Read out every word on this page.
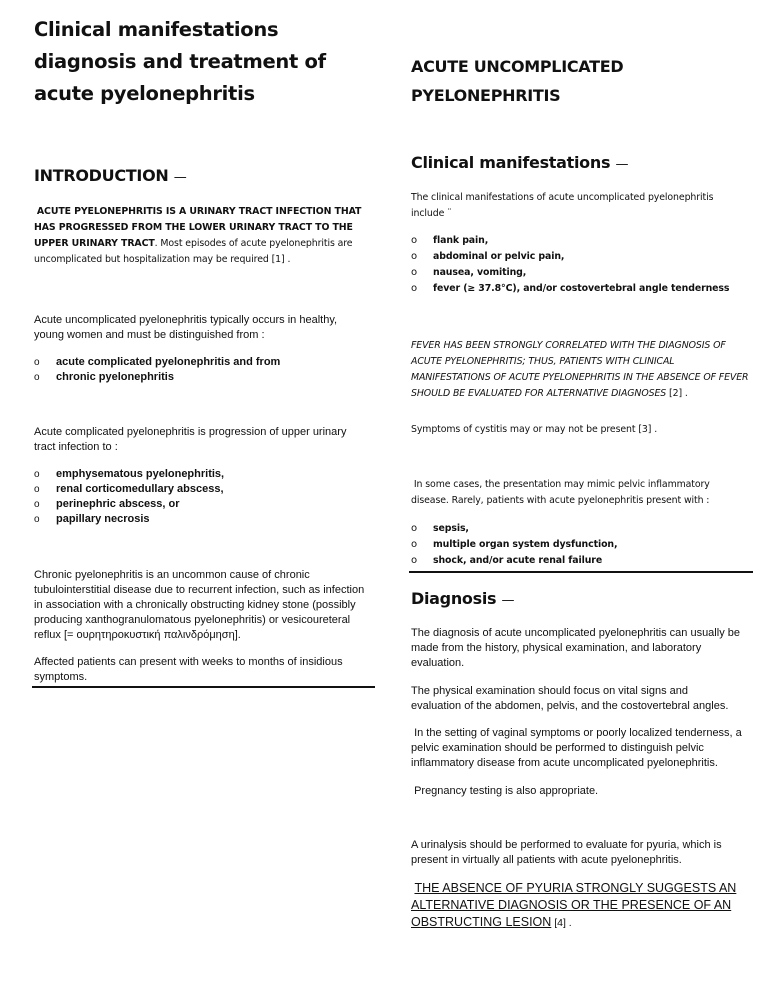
Clinical manifestations diagnosis and treatment of acute pyelonephritis
INTRODUCTION —
ACUTE PYELONEPHRITIS IS A URINARY TRACT INFECTION THAT HAS PROGRESSED FROM THE LOWER URINARY TRACT TO THE UPPER URINARY TRACT. Most episodes of acute pyelonephritis are uncomplicated but hospitalization may be required [1] .
Acute uncomplicated pyelonephritis typically occurs in healthy, young women and must be distinguished from :
o acute complicated pyelonephritis and from
o chronic pyelonephritis
Acute complicated pyelonephritis is progression of upper urinary tract infection to :
o emphysematous pyelonephritis,
o renal corticomedullary abscess,
o perinephric abscess, or
o papillary necrosis
Chronic pyelonephritis is an uncommon cause of chronic tubulointerstitial disease due to recurrent infection, such as infection in association with a chronically obstructing kidney stone (possibly producing xanthogranulomatous pyelonephritis) or vesicoureteral reflux [= ουρητηροκυστική παλινδρόμηση].
Affected patients can present with weeks to months of insidious symptoms.
ACUTE UNCOMPLICATED PYELONEPHRITIS
Clinical manifestations —
The clinical manifestations of acute uncomplicated pyelonephritis include ¨
o flank pain,
o abdominal or pelvic pain,
o nausea, vomiting,
o fever (≥ 37.8°C), and/or costovertebral angle tenderness
FEVER HAS BEEN STRONGLY CORRELATED WITH THE DIAGNOSIS OF ACUTE PYELONEPHRITIS; THUS, PATIENTS WITH CLINICAL MANIFESTATIONS OF ACUTE PYELONEPHRITIS IN THE ABSENCE OF FEVER SHOULD BE EVALUATED FOR ALTERNATIVE DIAGNOSES [2] .
Symptoms of cystitis may or may not be present [3] .
In some cases, the presentation may mimic pelvic inflammatory disease. Rarely, patients with acute pyelonephritis present with :
o sepsis,
o multiple organ system dysfunction,
o shock, and/or acute renal failure
Diagnosis —
The diagnosis of acute uncomplicated pyelonephritis can usually be made from the history, physical examination, and laboratory evaluation.
The physical examination should focus on vital signs and evaluation of the abdomen, pelvis, and the costovertebral angles.
In the setting of vaginal symptoms or poorly localized tenderness, a pelvic examination should be performed to distinguish pelvic inflammatory disease from acute uncomplicated pyelonephritis.
Pregnancy testing is also appropriate.
A urinalysis should be performed to evaluate for pyuria, which is present in virtually all patients with acute pyelonephritis.
THE ABSENCE OF PYURIA STRONGLY SUGGESTS AN ALTERNATIVE DIAGNOSIS OR THE PRESENCE OF AN OBSTRUCTING LESION [4] .
